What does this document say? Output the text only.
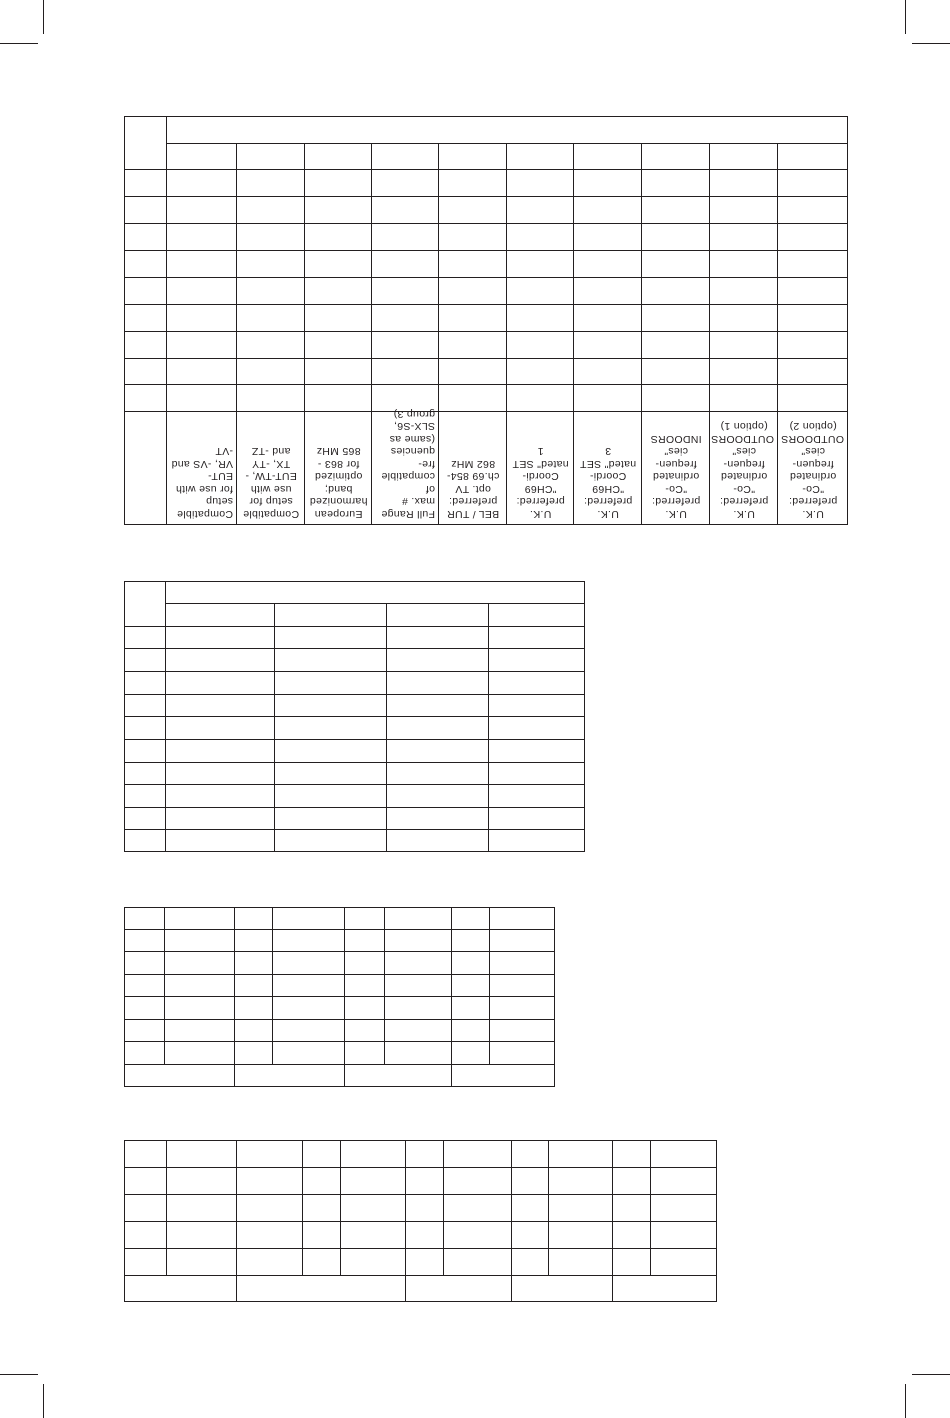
Compatible setup
for use with EUT-
VR, -VS and -VT
Compatible
setup for use with
EUT-TW, -TX, -TY
and -TZ
European
harmonized band;
optimized for 863 -
865 MHz
Full Range max. #
of compatible fre-
quencies (same as
SLX-S6, group 3)
BEL / TUR
preferred: opt. TV
ch.69 854-862 MHz
U.K. preferred:
"CH69 Coordi-
nated" SET 1
U.K. preferred:
"CH69 Coordi-
nated" SET 3
U.K. preferred: "Co-
ordinated frequen-
cies" INDOORS
U.K. preferred: "Co-
ordinated frequen-
cies" OUTDOORS
(option 1)
U.K. preferred: "Co-
ordinated frequen-
cies" OUTDOORS
(option 2)
